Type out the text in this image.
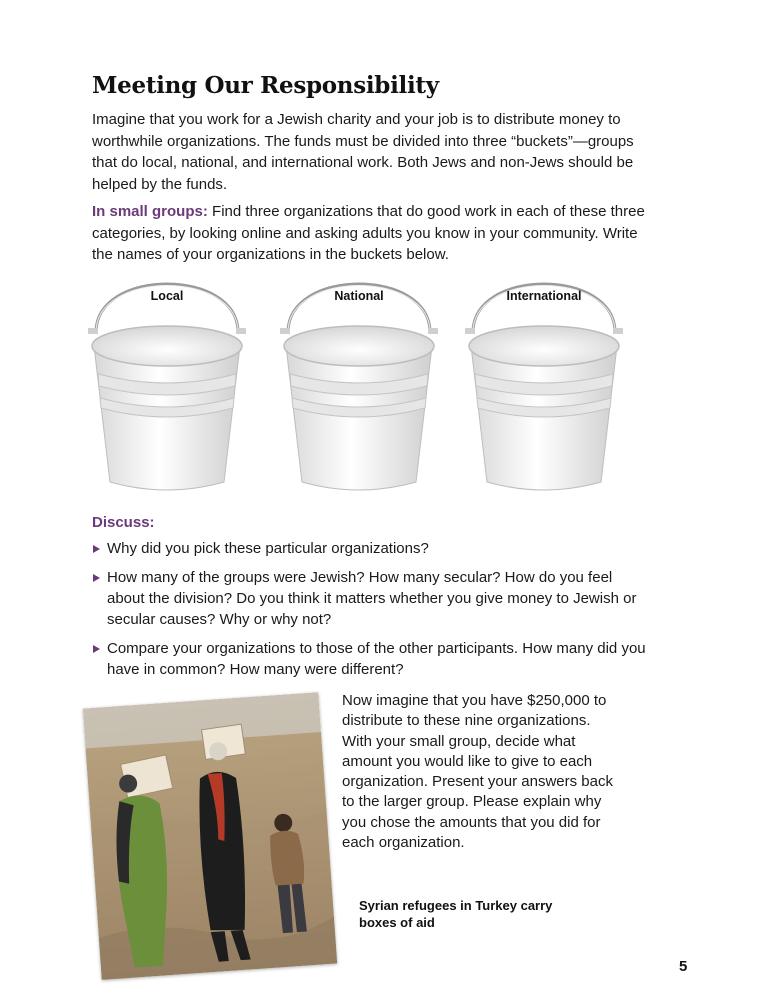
Meeting Our Responsibility
Imagine that you work for a Jewish charity and your job is to distribute money to worthwhile organizations. The funds must be divided into three “buckets”—groups that do local, national, and international work. Both Jews and non-Jews should be helped by the funds.
In small groups: Find three organizations that do good work in each of these three categories, by looking online and asking adults you know in your community. Write the names of your organizations in the buckets below.
Local	National	International
Discuss:
Why did you pick these particular organizations?
How many of the groups were Jewish? How many secular? How do you feel about the division? Do you think it matters whether you give money to Jewish or secular causes? Why or why not?
Compare your organizations to those of the other participants. How many did you have in common? How many were different?
Now imagine that you have $250,000 to distribute to these nine organizations. With your small group, decide what amount you would like to give to each organization. Present your answers back to the larger group. Please explain why you chose the amounts that you did for each organization.
Syrian refugees in Turkey carry boxes of aid
5
